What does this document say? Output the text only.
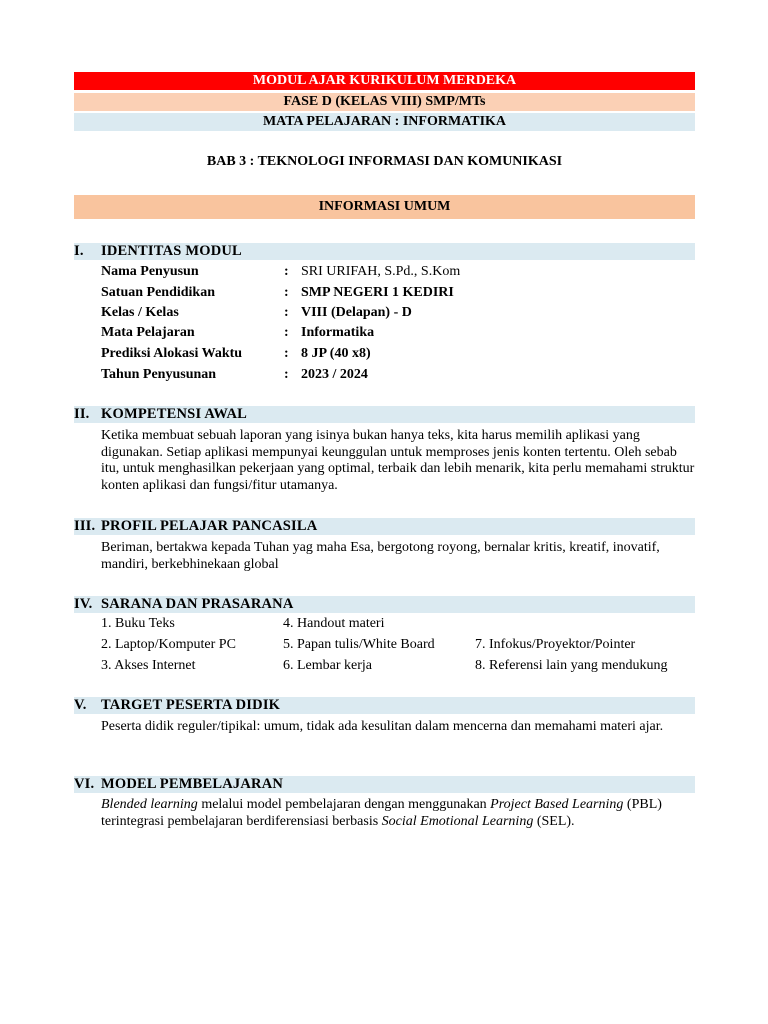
MODUL AJAR KURIKULUM MERDEKA
FASE D (KELAS VIII) SMP/MTs
MATA PELAJARAN : INFORMATIKA
BAB 3 : TEKNOLOGI INFORMASI DAN KOMUNIKASI
INFORMASI UMUM
I. IDENTITAS MODUL
Nama Penyusun	: SRI URIFAH, S.Pd., S.Kom
Satuan Pendidikan	: SMP NEGERI 1 KEDIRI
Kelas / Kelas	: VIII (Delapan) - D
Mata Pelajaran	: Informatika
Prediksi Alokasi Waktu	: 8 JP (40 x8)
Tahun Penyusunan	: 2023 / 2024
II. KOMPETENSI AWAL
Ketika membuat sebuah laporan yang isinya bukan hanya teks, kita harus memilih aplikasi yang digunakan. Setiap aplikasi mempunyai keunggulan untuk memproses jenis konten tertentu. Oleh sebab itu, untuk menghasilkan pekerjaan yang optimal, terbaik dan lebih menarik, kita perlu memahami struktur konten aplikasi dan fungsi/fitur utamanya.
III. PROFIL PELAJAR PANCASILA
Beriman, bertakwa kepada Tuhan yag maha Esa, bergotong royong, bernalar kritis, kreatif, inovatif, mandiri, berkebhinekaan global
IV. SARANA DAN PRASARANA
1. Buku Teks
2. Laptop/Komputer PC
3. Akses Internet
4. Handout materi
5. Papan tulis/White Board
6. Lembar kerja
7. Infokus/Proyektor/Pointer
8. Referensi lain yang mendukung
V. TARGET PESERTA DIDIK
Peserta didik reguler/tipikal: umum, tidak ada kesulitan dalam mencerna dan memahami materi ajar.
VI. MODEL PEMBELAJARAN
Blended learning melalui model pembelajaran dengan menggunakan Project Based Learning (PBL) terintegrasi pembelajaran berdiferensiasi berbasis Social Emotional Learning (SEL).
